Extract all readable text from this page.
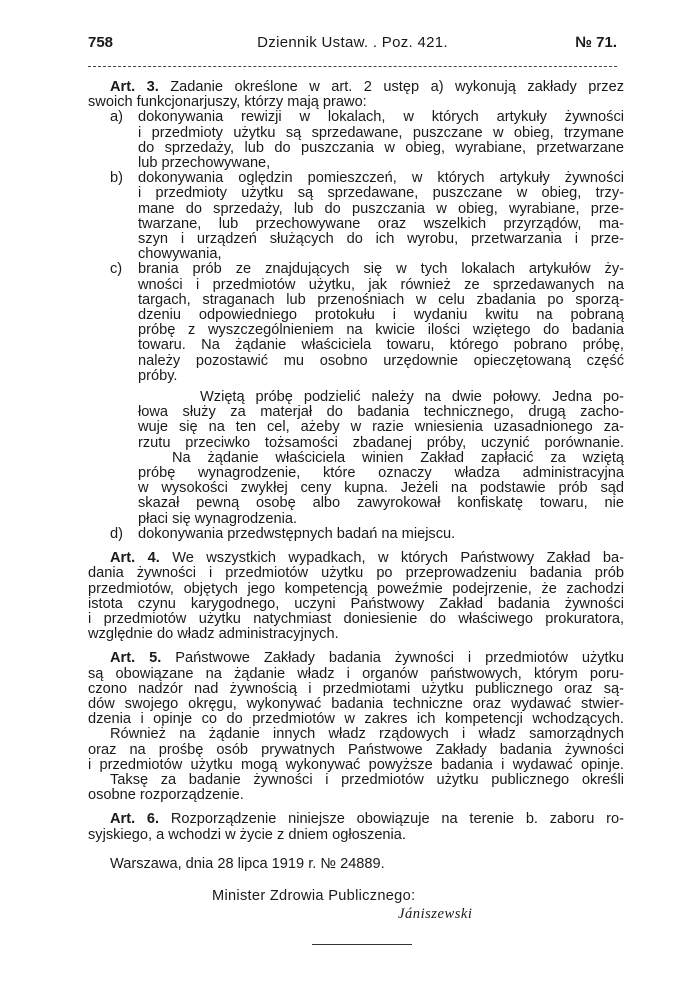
758	Dziennik Ustaw. . Poz. 421.	№ 71.
Art. 3. Zadanie określone w art. 2 ustęp a) wykonują zakłady przez
swoich funkcjonarjuszy, którzy mają prawo:
a)	dokonywania rewizji w lokalach, w których artykuły żywności
i przedmioty użytku są sprzedawane, puszczane w obieg, trzymane
do sprzedaży, lub do puszczania w obieg, wyrabiane, przetwarzane
lub przechowywane,
b)	dokonywania oględzin pomieszczeń, w których artykuły żywności
i przedmioty użytku są sprzedawane, puszczane w obieg, trzy-
mane do sprzedaży, lub do puszczania w obieg, wyrabiane, prze-
twarzane, lub przechowywane oraz wszelkich przyrządów, ma-
szyn i urządzeń służących do ich wyrobu, przetwarzania i prze-
chowywania,
c)	brania prób ze znajdujących się w tych lokalach artykułów ży-
wności i przedmiotów użytku, jak również ze sprzedawanych na
targach, straganach lub przenośniach w celu zbadania po sporzą-
dzeniu odpowiedniego protokułu i wydaniu kwitu na pobraną
próbę z wyszczególnieniem na kwicie ilości wziętego do badania
towaru. Na żądanie właściciela towaru, którego pobrano próbę,
należy pozostawić mu osobno urzędownie opieczętowaną część
próby.
Wziętą próbę podzielić należy na dwie połowy. Jedna po-
łowa służy za materjał do badania technicznego, drugą zacho-
wuje się na ten cel, ażeby w razie wniesienia uzasadnionego za-
rzutu przeciwko tożsamości zbadanej próby, uczynić porównanie.
Na żądanie właściciela winien Zakład zapłacić za wziętą
próbę wynagrodzenie, które oznaczy władza administracyjna
w wysokości zwykłej ceny kupna. Jeżeli na podstawie prób sąd
skazał pewną osobę albo zawyrokował konfiskatę towaru, nie
płaci się wynagrodzenia.
d)	dokonywania przedwstępnych badań na miejscu.
Art. 4. We wszystkich wypadkach, w których Państwowy Zakład ba-
dania żywności i przedmiotów użytku po przeprowadzeniu badania prób
przedmiotów, objętych jego kompetencją poweźmie podejrzenie, że zachodzi
istota czynu karygodnego, uczyni Państwowy Zakład badania żywności
i przedmiotów użytku natychmiast doniesienie do właściwego prokuratora,
względnie do władz administracyjnych.
Art. 5. Państwowe Zakłady badania żywności i przedmiotów użytku
są obowiązane na żądanie władz i organów państwowych, którym poru-
czono nadzór nad żywnością i przedmiotami użytku publicznego oraz są-
dów swojego okręgu, wykonywać badania techniczne oraz wydawać stwier-
dzenia i opinje co do przedmiotów w zakres ich kompetencji wchodzących.
Również na żądanie innych władz rządowych i władz samorządnych
oraz na prośbę osób prywatnych Państwowe Zakłady badania żywności
i przedmiotów użytku mogą wykonywać powyższe badania i wydawać opinje.
Taksę za badanie żywności i przedmiotów użytku publicznego określi
osobne rozporządzenie.
Art. 6. Rozporządzenie niniejsze obowiązuje na terenie b. zaboru ro-
syjskiego, a wchodzi w życie z dniem ogłoszenia.
Warszawa, dnia 28 lipca 1919 r. № 24889.
Minister Zdrowia Publicznego:
Jániszewski
